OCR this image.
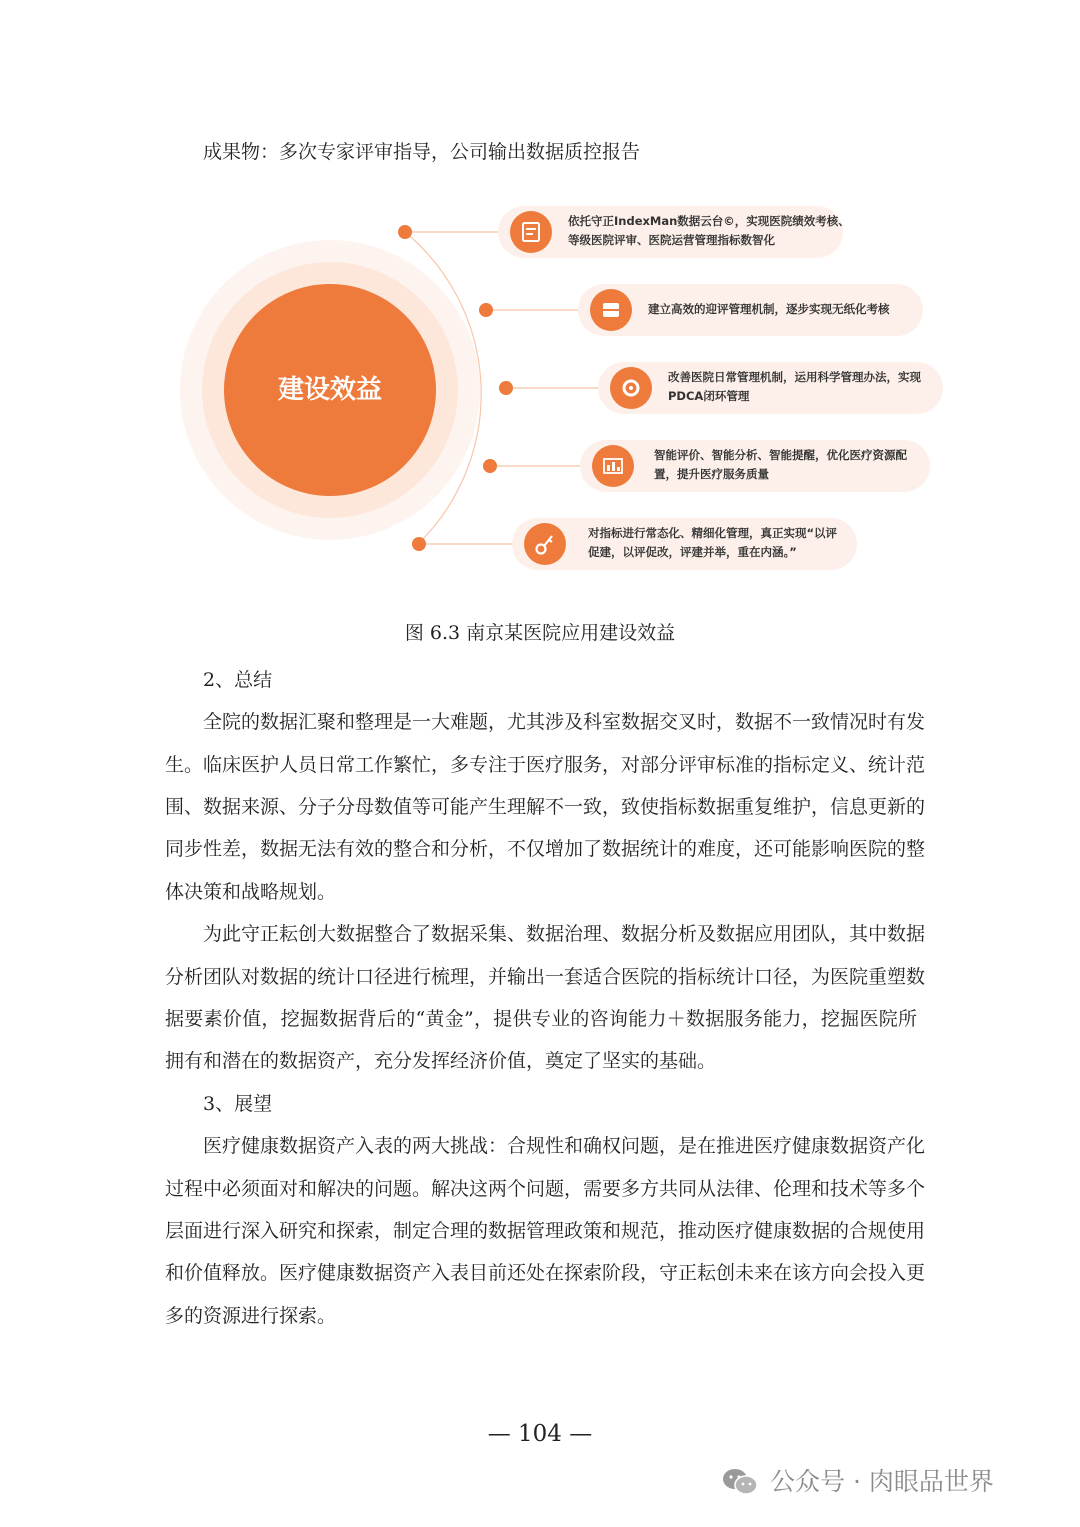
成果物：多次专家评审指导，公司输出数据质控报告
建设效益
依托守正IndexMan数据云台©，实现医院绩效考核、
等级医院评审、医院运营管理指标数智化
建立高效的迎评管理机制，逐步实现无纸化考核
改善医院日常管理机制，运用科学管理办法，实现
PDCA闭环管理
智能评价、智能分析、智能提醒，优化医疗资源配
置，提升医疗服务质量
对指标进行常态化、精细化管理，真正实现“以评
促建，以评促改，评建并举，重在内涵。”
图 6.3 南京某医院应用建设效益
2、总结
全院的数据汇聚和整理是一大难题，尤其涉及科室数据交叉时，数据不一致情况时有发
生。临床医护人员日常工作繁忙，多专注于医疗服务，对部分评审标准的指标定义、统计范
围、数据来源、分子分母数值等可能产生理解不一致，致使指标数据重复维护，信息更新的
同步性差，数据无法有效的整合和分析，不仅增加了数据统计的难度，还可能影响医院的整
体决策和战略规划。
为此守正耘创大数据整合了数据采集、数据治理、数据分析及数据应用团队，其中数据
分析团队对数据的统计口径进行梳理，并输出一套适合医院的指标统计口径，为医院重塑数
据要素价值，挖掘数据背后的“黄金”，提供专业的咨询能力＋数据服务能力，挖掘医院所
拥有和潜在的数据资产，充分发挥经济价值，奠定了坚实的基础。
3、展望
医疗健康数据资产入表的两大挑战：合规性和确权问题，是在推进医疗健康数据资产化
过程中必须面对和解决的问题。解决这两个问题，需要多方共同从法律、伦理和技术等多个
层面进行深入研究和探索，制定合理的数据管理政策和规范，推动医疗健康数据的合规使用
和价值释放。医疗健康数据资产入表目前还处在探索阶段，守正耘创未来在该方向会投入更
多的资源进行探索。
— 104 —
公众号 · 肉眼品世界
